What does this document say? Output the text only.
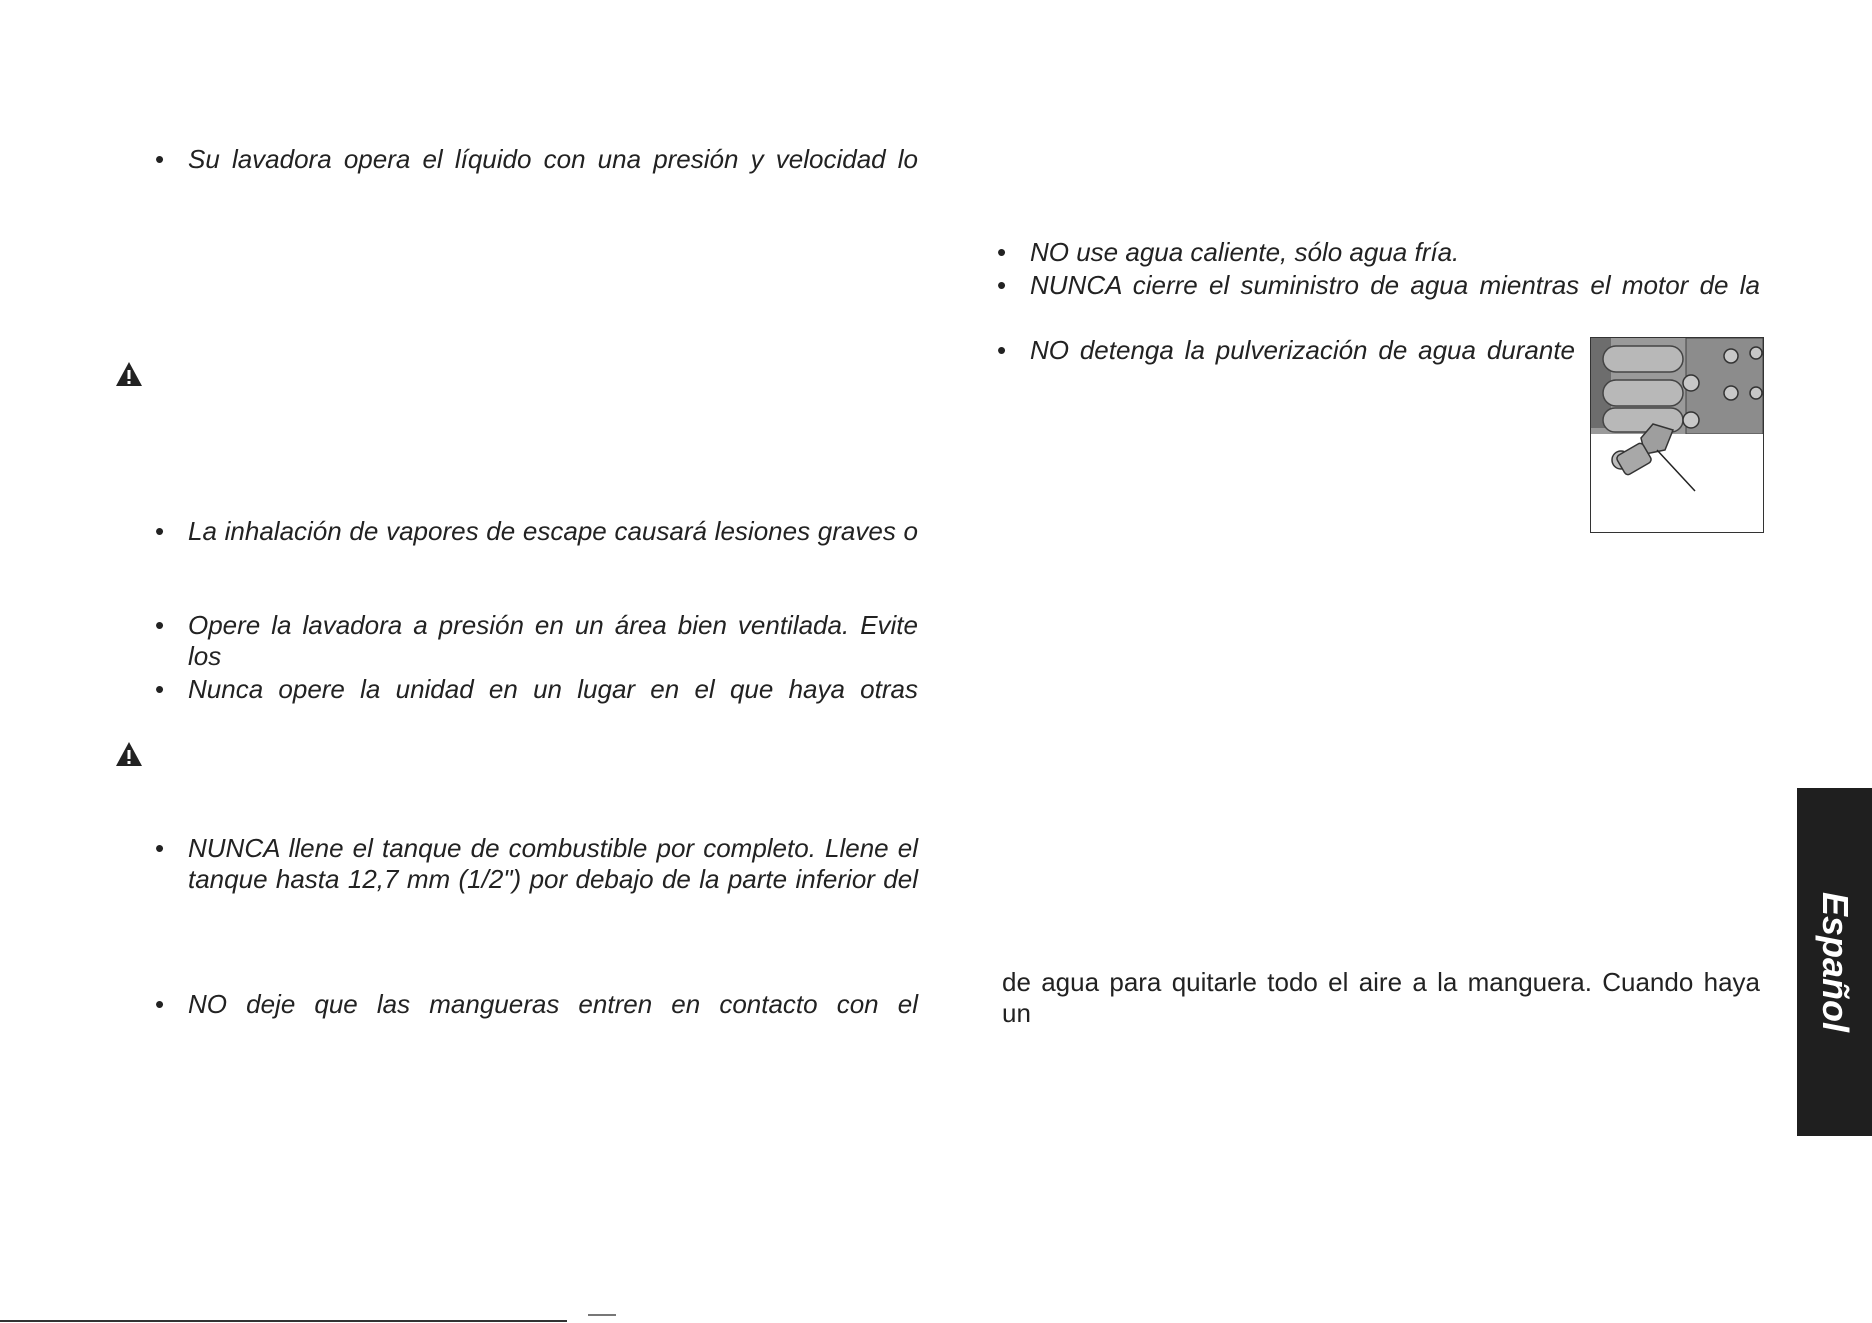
• Su lavadora opera el líquido con una presión y velocidad lo
• La inhalación de vapores de escape causará lesiones graves o
• Opere la lavadora a presión en un área bien ventilada. Evite los
• Nunca opere la unidad en un lugar en el que haya otras
• NUNCA llene el tanque de combustible por completo. Llene el
tanque hasta 12,7 mm (1/2") por debajo de la parte inferior del
• NO deje que las mangueras entren en contacto con el
• NO use agua caliente, sólo agua fría.
• NUNCA cierre el suministro de agua mientras el motor de la
• NO detenga la pulverización de agua durante
de agua para quitarle todo el aire a la manguera. Cuando haya un	Español
